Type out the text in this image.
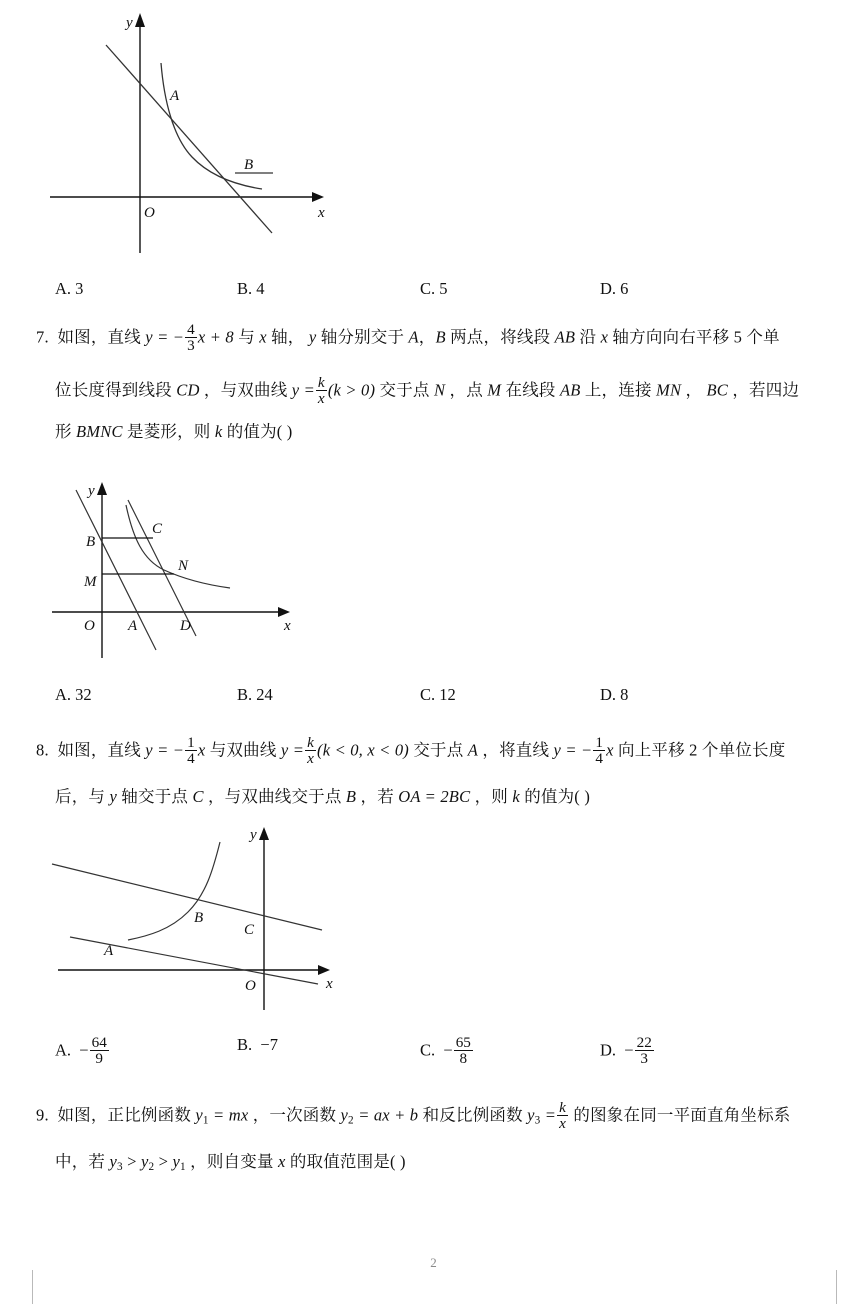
O	x
y
A
B
A. 3	B. 4	C. 5	D. 6
7. 如图，直线 y = − $\frac{4}{3}$ x + 8 与 x 轴， y 轴分别交于 A，B 两点，将线段 AB 沿 x 轴方向向右平移 5 个单
位长度得到线段 CD ，与双曲线 $y = \frac{k}{x} (k > 0)$ 交于点 N ，点 M 在线段 AB 上，连接 MN ， BC ，若四边
形 BMNC 是菱形，则 k 的值为( )
B
C
N
M
O A	D	x
y
A. 32	B. 24	C. 12	D. 8
8. 如图，直线 y = − $\frac{1}{4}$ x 与双曲线 $y = \frac{k}{x} (k < 0$, x < 0) 交于点 A ，将直线 y = − $\frac{1}{4}$ x 向上平移 2 个单位长度
后，与 y 轴交于点 C ，与双曲线交于点 B ，若 OA = 2BC ，则 k 的值为( )
B
C
A
O	x
y
A. − $\frac{64}{9}$	B. −7	C. − $\frac{65}{8}$	D. − $\frac{22}{3}$
9. 如图，正比例函数 $y_1$ = mx ，一次函数 $y_2$ = ax + b 和反比例函数 $y_3 = \frac{k}{x}$ 的图象在同一平面直角坐标系
中，若 $y_3 > y_2 > y_1$ ，则自变量 x 的取值范围是( )
2
